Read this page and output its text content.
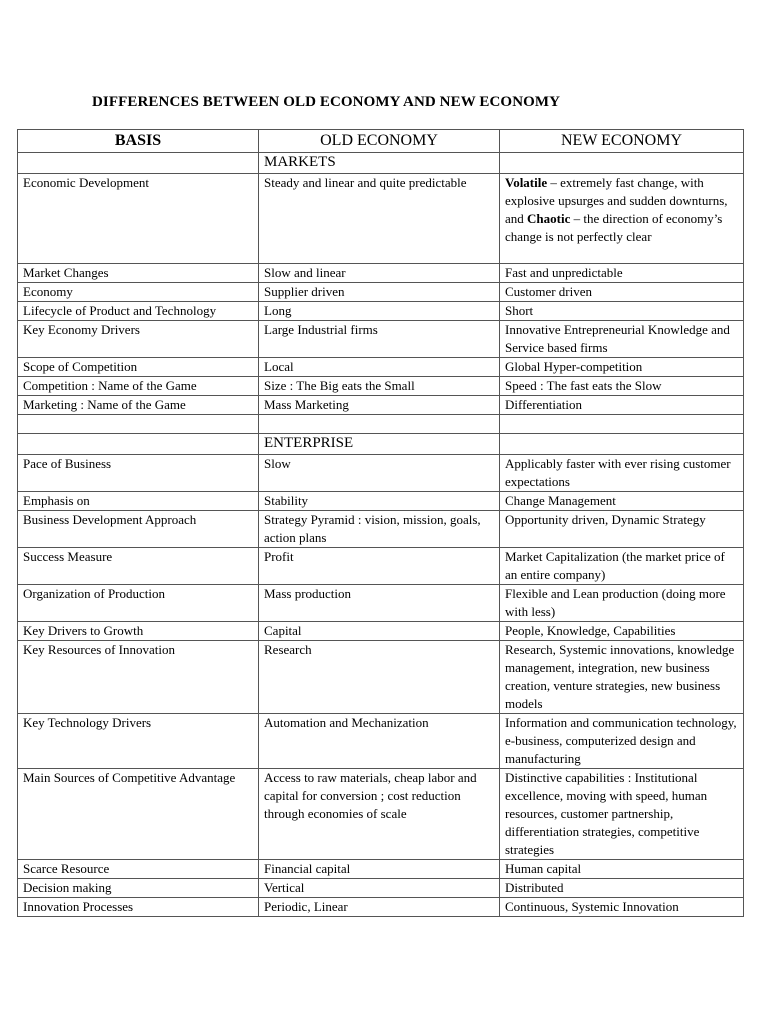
DIFFERENCES BETWEEN OLD ECONOMY AND NEW ECONOMY
BASIS	OLD ECONOMY	NEW ECONOMY
	MARKETS	
Economic Development	Steady and linear and quite predictable	Volatile – extremely fast change, with explosive upsurges and sudden downturns, and Chaotic – the direction of economy’s change is not perfectly clear
Market Changes	Slow and linear	Fast and unpredictable
Economy	Supplier driven	Customer driven
Lifecycle of Product and Technology	Long	Short
Key Economy Drivers	Large Industrial firms	Innovative Entrepreneurial Knowledge and Service based firms
Scope of Competition	Local	Global Hyper-competition
Competition : Name of the Game	Size : The Big eats the Small	Speed : The fast eats the Slow
Marketing : Name of the Game	Mass Marketing	Differentiation

	ENTERPRISE	
Pace of Business	Slow	Applicably faster with ever rising customer expectations
Emphasis on	Stability	Change Management
Business Development Approach	Strategy Pyramid : vision, mission, goals, action plans	Opportunity driven, Dynamic Strategy
Success Measure	Profit	Market Capitalization (the market price of an entire company)
Organization of Production	Mass production	Flexible and Lean production (doing more with less)
Key Drivers to Growth	Capital	People, Knowledge, Capabilities
Key Resources of Innovation	Research	Research, Systemic innovations, knowledge management, integration, new business creation, venture strategies, new business models
Key Technology Drivers	Automation and Mechanization	Information and communication technology, e-business, computerized design and manufacturing
Main Sources of Competitive Advantage	Access to raw materials, cheap labor and capital for conversion ; cost reduction through economies of scale	Distinctive capabilities : Institutional excellence, moving with speed, human resources, customer partnership, differentiation strategies, competitive strategies
Scarce Resource	Financial capital	Human capital
Decision making	Vertical	Distributed
Innovation Processes	Periodic, Linear	Continuous, Systemic Innovation
